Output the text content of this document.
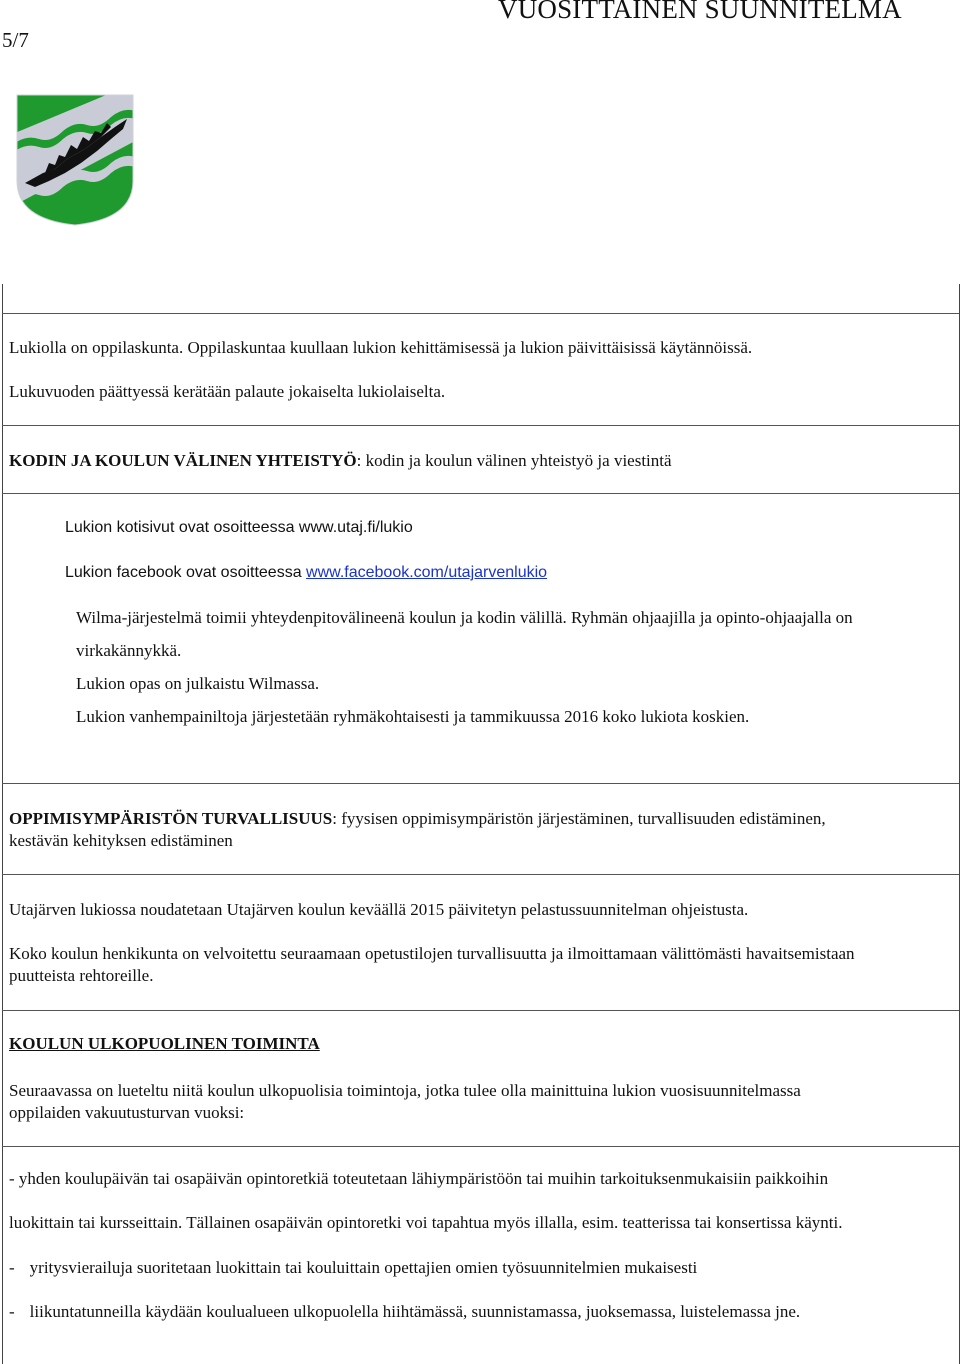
VUOSITTAINEN SUUNNITELMA
5/7
Lukiolla on oppilaskunta. Oppilaskuntaa kuullaan lukion kehittämisessä ja lukion päivittäisissä käytännöissä.
Lukuvuoden päättyessä kerätään palaute jokaiselta lukiolaiselta.
KODIN JA KOULUN VÄLINEN YHTEISTYÖ: kodin ja koulun välinen yhteistyö ja viestintä
Lukion kotisivut ovat osoitteessa www.utaj.fi/lukio
Lukion facebook ovat osoitteessa www.facebook.com/utajarvenlukio
Wilma-järjestelmä toimii yhteydenpitovälineenä koulun ja kodin välillä. Ryhmän ohjaajilla ja opinto-ohjaajalla on
virkakännykkä.
Lukion opas on julkaistu Wilmassa.
Lukion vanhempainiltoja järjestetään ryhmäkohtaisesti ja tammikuussa 2016 koko lukiota koskien.
OPPIMISYMPÄRISTÖN TURVALLISUUS: fyysisen oppimisympäristön järjestäminen, turvallisuuden edistäminen,
kestävän kehityksen edistäminen
Utajärven lukiossa noudatetaan Utajärven koulun keväällä 2015 päivitetyn pelastussuunnitelman ohjeistusta.
Koko koulun henkikunta on velvoitettu seuraamaan opetustilojen turvallisuutta ja ilmoittamaan välittömästi havaitsemistaan
puutteista rehtoreille.
KOULUN ULKOPUOLINEN TOIMINTA
Seuraavassa on lueteltu niitä koulun ulkopuolisia toimintoja, jotka tulee olla mainittuina lukion vuosisuunnitelmassa
oppilaiden vakuutusturvan vuoksi:
- yhden koulupäivän tai osapäivän opintoretkiä toteutetaan lähiympäristöön tai muihin tarkoituksenmukaisiin paikkoihin
luokittain tai kursseittain. Tällainen osapäivän opintoretki voi tapahtua myös illalla, esim. teatterissa tai konsertissa käynti.
- yritysvierailuja suoritetaan luokittain tai kouluittain opettajien omien työsuunnitelmien mukaisesti
- liikuntatunneilla käydään koulualueen ulkopuolella hiihtämässä, suunnistamassa, juoksemassa, luistelemassa jne.
